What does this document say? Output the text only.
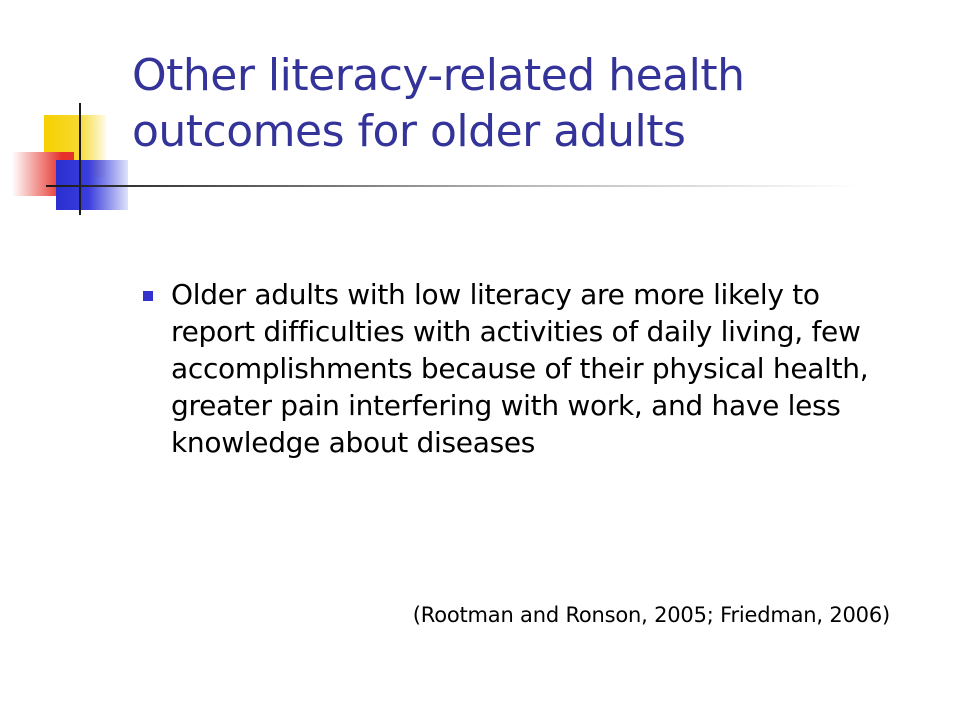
Other literacy-related health outcomes for older adults
Older adults with low literacy are more likely to report difficulties with activities of daily living, few accomplishments because of their physical health, greater pain interfering with work, and have less knowledge about diseases
(Rootman and Ronson, 2005; Friedman, 2006)
